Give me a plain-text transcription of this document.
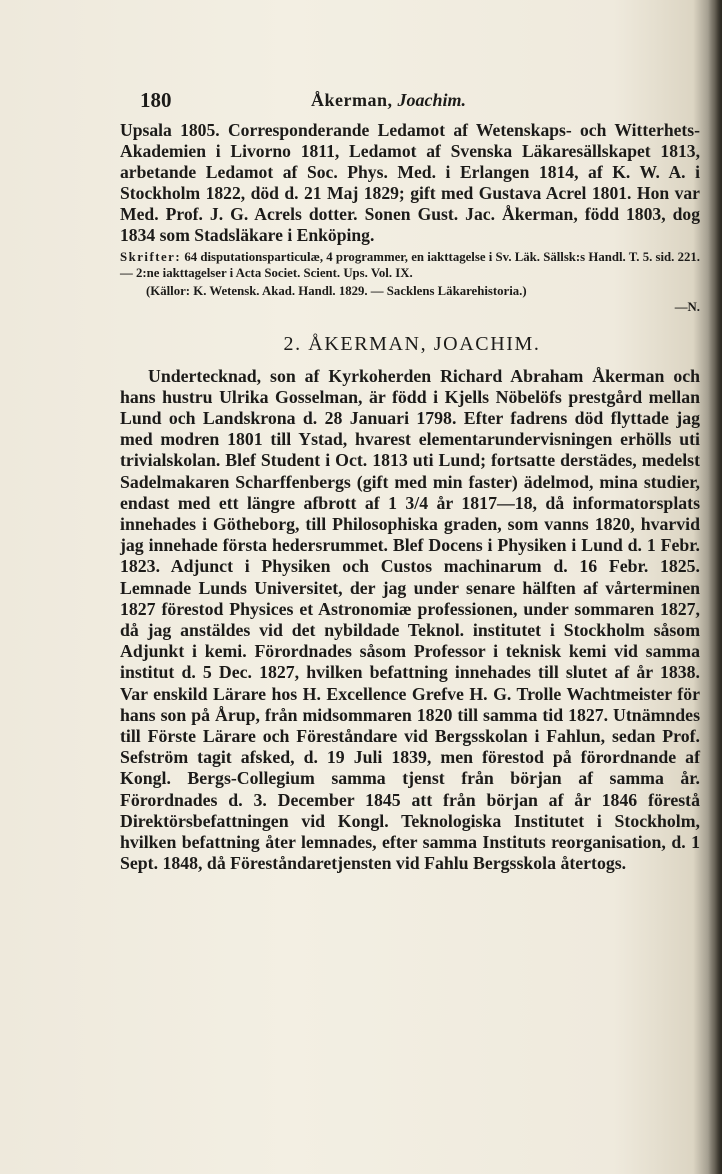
180	Åkerman, Joachim.

Upsala 1805. Corresponderande Ledamot af Wetenskaps- och Witterhets-Akademien i Livorno 1811, Ledamot af Svenska Läkaresällskapet 1813, arbetande Ledamot af Soc. Phys. Med. i Erlangen 1814, af K. W. A. i Stockholm 1822, död d. 21 Maj 1829; gift med Gustava Acrel 1801. Hon var Med. Prof. J. G. Acrels dotter. Sonen Gust. Jac. Åkerman, född 1803, dog 1834 som Stadsläkare i Enköping.

Skrifter: 64 disputationsparticulæ, 4 programmer, en iakttagelse i Sv. Läk. Sällsk:s Handl. T. 5. sid. 221. — 2:ne iakttagelser i Acta Societ. Scient. Ups. Vol. IX.

(Källor: K. Wetensk. Akad. Handl. 1829. — Sacklens Läkarehistoria.)

—N.
2. ÅKERMAN, JOACHIM.

Undertecknad, son af Kyrkoherden Richard Abraham Åkerman och hans hustru Ulrika Gosselman, är född i Kjells Nöbelöfs prestgård mellan Lund och Landskrona d. 28 Januari 1798. Efter fadrens död flyttade jag med modren 1801 till Ystad, hvarest elementarundervisningen erhölls uti trivialskolan. Blef Student i Oct. 1813 uti Lund; fortsatte derstädes, medelst Sadelmakaren Scharffenbergs (gift med min faster) ädelmod, mina studier, endast med ett längre afbrott af 1 3/4 år 1817—18, då informatorsplats innehades i Götheborg, till Philosophiska graden, som vanns 1820, hvarvid jag innehade första hedersrummet. Blef Docens i Physiken i Lund d. 1 Febr. 1823. Adjunct i Physiken och Custos machinarum d. 16 Febr. 1825. Lemnade Lunds Universitet, der jag under senare hälften af vårterminen 1827 förestod Physices et Astronomiæ professionen, under sommaren 1827, då jag anstäldes vid det nybildade Teknol. institutet i Stockholm såsom Adjunkt i kemi. Förordnades såsom Professor i teknisk kemi vid samma institut d. 5 Dec. 1827, hvilken befattning innehades till slutet af år 1838. Var enskild Lärare hos H. Excellence Grefve H. G. Trolle Wachtmeister för hans son på Årup, från midsommaren 1820 till samma tid 1827. Utnämndes till Förste Lärare och Föreståndare vid Bergsskolan i Fahlun, sedan Prof. Sefström tagit afsked, d. 19 Juli 1839, men förestod på förordnande af Kongl. Bergs-Collegium samma tjenst från början af samma år. Förordnades d. 3. December 1845 att från början af år 1846 förestå Direktörsbefattningen vid Kongl. Teknologiska Institutet i Stockholm, hvilken befattning åter lemnades, efter samma Instituts reorganisation, d. 1 Sept. 1848, då Föreståndaretjensten vid Fahlu Bergsskola återtogs.
